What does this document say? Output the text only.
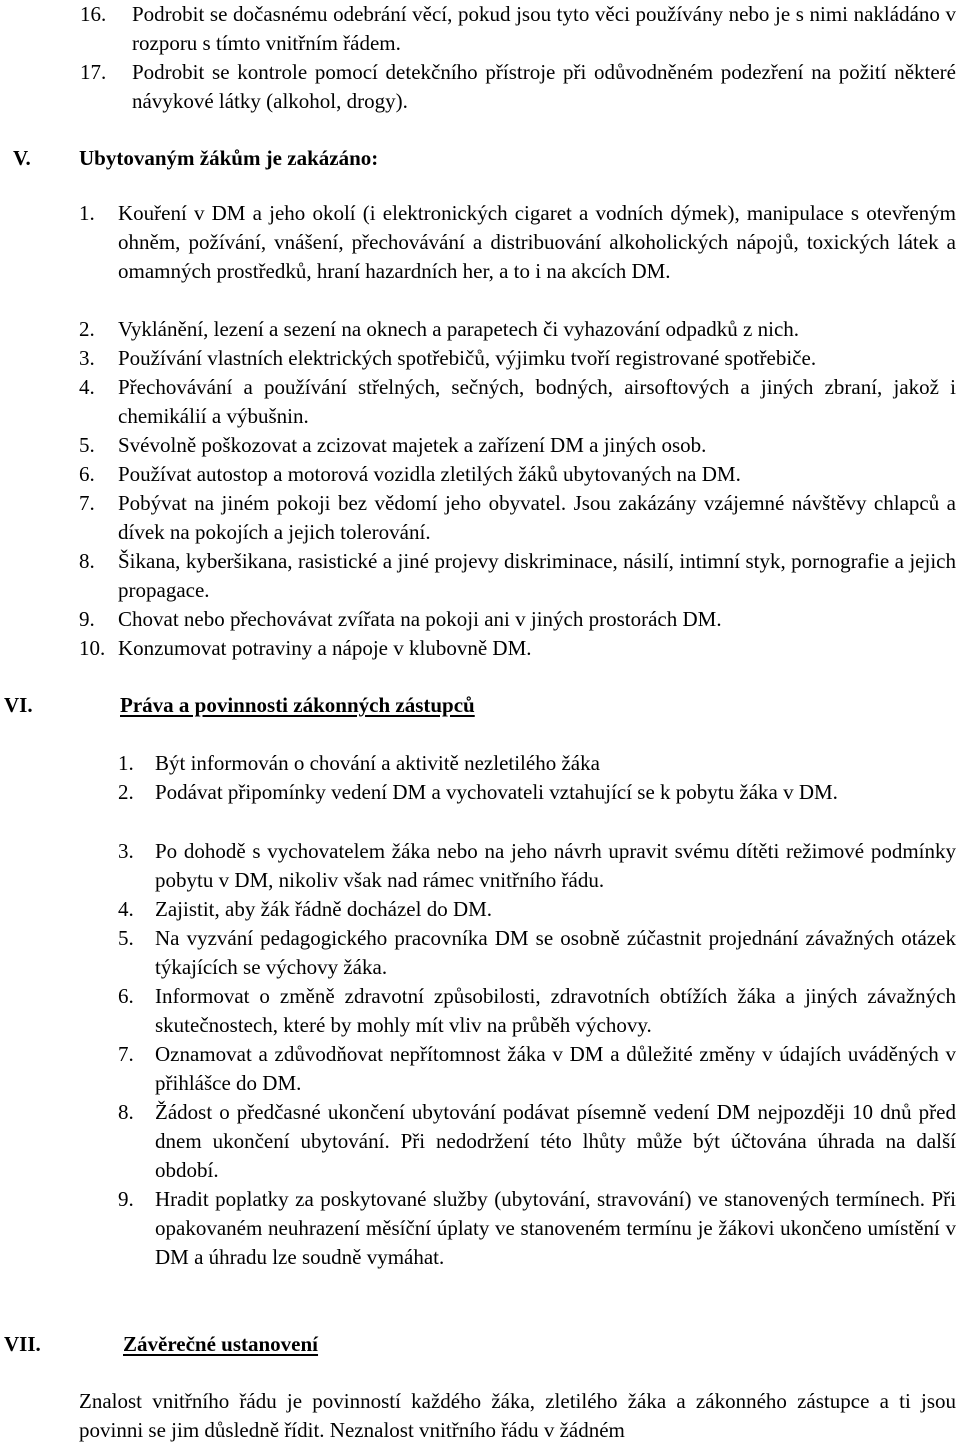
16. Podrobit se dočasnému odebrání věcí, pokud jsou tyto věci používány nebo je s nimi nakládáno v rozporu s tímto vnitřním řádem.
17. Podrobit se kontrole pomocí detekčního přístroje při odůvodněném podezření na požití některé návykové látky (alkohol, drogy).
V. Ubytovaným žákům je zakázáno:
1. Kouření v DM a jeho okolí (i elektronických cigaret a vodních dýmek), manipulace s otevřeným ohněm, požívání, vnášení, přechovávání a distribuování alkoholických nápojů, toxických látek a omamných prostředků, hraní hazardních her, a to i na akcích DM.
2. Vyklánění, lezení a sezení na oknech a parapetech či vyhazování odpadků z nich.
3. Používání vlastních elektrických spotřebičů, výjimku tvoří registrované spotřebiče.
4. Přechovávání a používání střelných, sečných, bodných, airsoftových a jiných zbraní, jakož i chemikálií a výbušnin.
5. Svévolně poškozovat a zcizovat majetek a zařízení DM a jiných osob.
6. Používat autostop a motorová vozidla zletilých žáků ubytovaných na DM.
7. Pobývat na jiném pokoji bez vědomí jeho obyvatel. Jsou zakázány vzájemné návštěvy chlapců a dívek na pokojích a jejich tolerování.
8. Šikana, kyberšikana, rasistické a jiné projevy diskriminace, násilí, intimní styk, pornografie a jejich propagace.
9. Chovat nebo přechovávat zvířata na pokoji ani v jiných prostorách DM.
10. Konzumovat potraviny a nápoje v klubovně DM.
VI.	Práva a povinnosti zákonných zástupců
1. Být informován o chování a aktivitě nezletilého žáka
2. Podávat připomínky vedení DM a vychovateli vztahující se k pobytu žáka v DM.
3. Po dohodě s vychovatelem žáka nebo na jeho návrh upravit svému dítěti režimové podmínky pobytu v DM, nikoliv však nad rámec vnitřního řádu.
4. Zajistit, aby žák řádně docházel do DM.
5. Na vyzvání pedagogického pracovníka DM se osobně zúčastnit projednání závažných otázek týkajících se výchovy žáka.
6. Informovat o změně zdravotní způsobilosti, zdravotních obtížích žáka a jiných závažných skutečnostech, které by mohly mít vliv na průběh výchovy.
7. Oznamovat a zdůvodňovat nepřítomnost žáka v DM a důležité změny v údajích uváděných v přihlášce do DM.
8. Žádost o předčasné ukončení ubytování podávat písemně vedení DM nejpozději 10 dnů před dnem ukončení ubytování. Při nedodržení této lhůty může být účtována úhrada na další období.
9. Hradit poplatky za poskytované služby (ubytování, stravování) ve stanovených termínech. Při opakovaném neuhrazení měsíční úplaty ve stanoveném termínu je žákovi ukončeno umístění v DM a úhradu lze soudně vymáhat.
VII.	Závěrečné ustanovení
Znalost vnitřního řádu je povinností každého žáka, zletilého žáka a zákonného zástupce a ti jsou povinni se jim důsledně řídit. Neznalost vnitřního řádu v žádném
